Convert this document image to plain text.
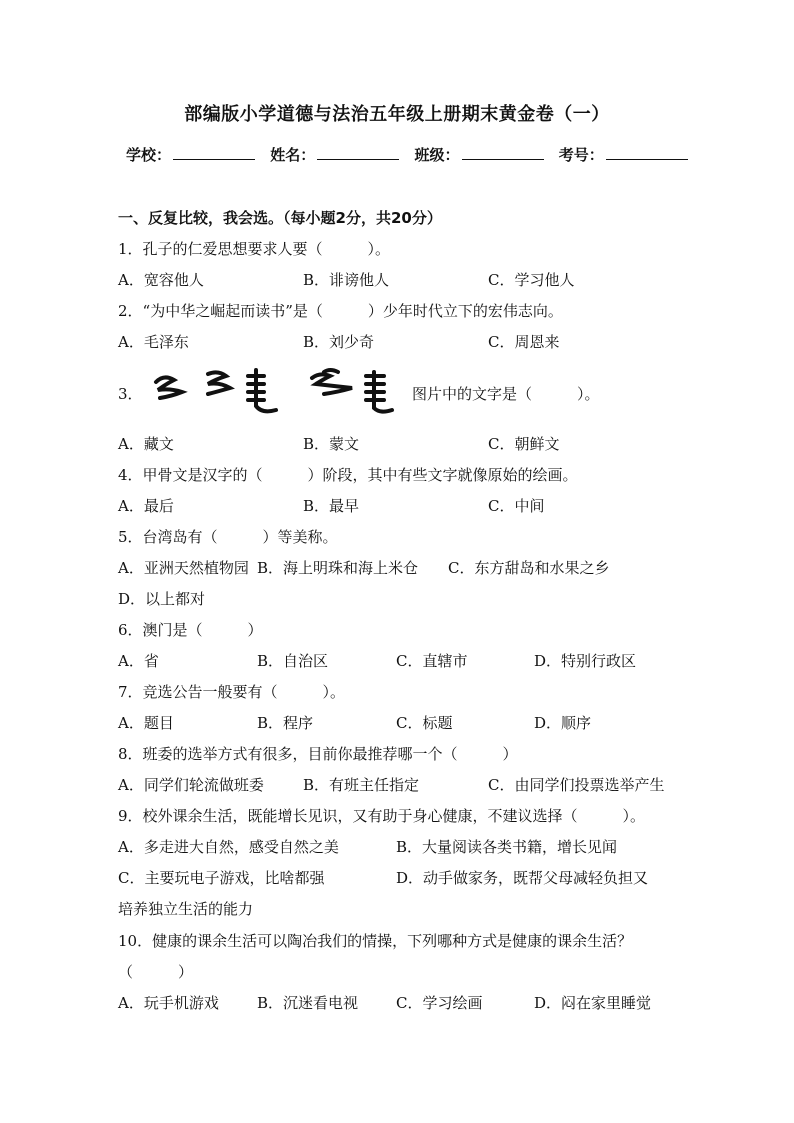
部编版小学道德与法治五年级上册期末黄金卷（一）
学校：	姓名：	班级：	考号：
一、反复比较，我会选。（每小题2分，共20分）
1．孔子的仁爱思想要求人要（　　　）。
A．宽容他人	B．诽谤他人	C．学习他人
2．“为中华之崛起而读书”是（　　　）少年时代立下的宏伟志向。
A．毛泽东	B．刘少奇	C．周恩来
3．	图片中的文字是（　　　）。
A．藏文	B．蒙文	C．朝鲜文
4．甲骨文是汉字的（　　　）阶段，其中有些文字就像原始的绘画。
A．最后	B．最早	C．中间
5．台湾岛有（　　　）等美称。
A．亚洲天然植物园 B．海上明珠和海上米仓 C．东方甜岛和水果之乡
D．以上都对
6．澳门是（　　　）
A．省	B．自治区	C．直辖市	D．特别行政区
7．竞选公告一般要有（　　　）。
A．题目	B．程序	C．标题	D．顺序
8．班委的选举方式有很多，目前你最推荐哪一个（　　　）
A．同学们轮流做班委	B．有班主任指定	C．由同学们投票选举产生
9．校外课余生活，既能增长见识，又有助于身心健康，不建议选择（　　　）。
A．多走进大自然，感受自然之美	B．大量阅读各类书籍，增长见闻
C．主要玩电子游戏，比啥都强	D．动手做家务，既帮父母减轻负担又
培养独立生活的能力
10．健康的课余生活可以陶冶我们的情操，下列哪种方式是健康的课余生活？
（　　　）
A．玩手机游戏	B．沉迷看电视	C．学习绘画	D．闷在家里睡觉
